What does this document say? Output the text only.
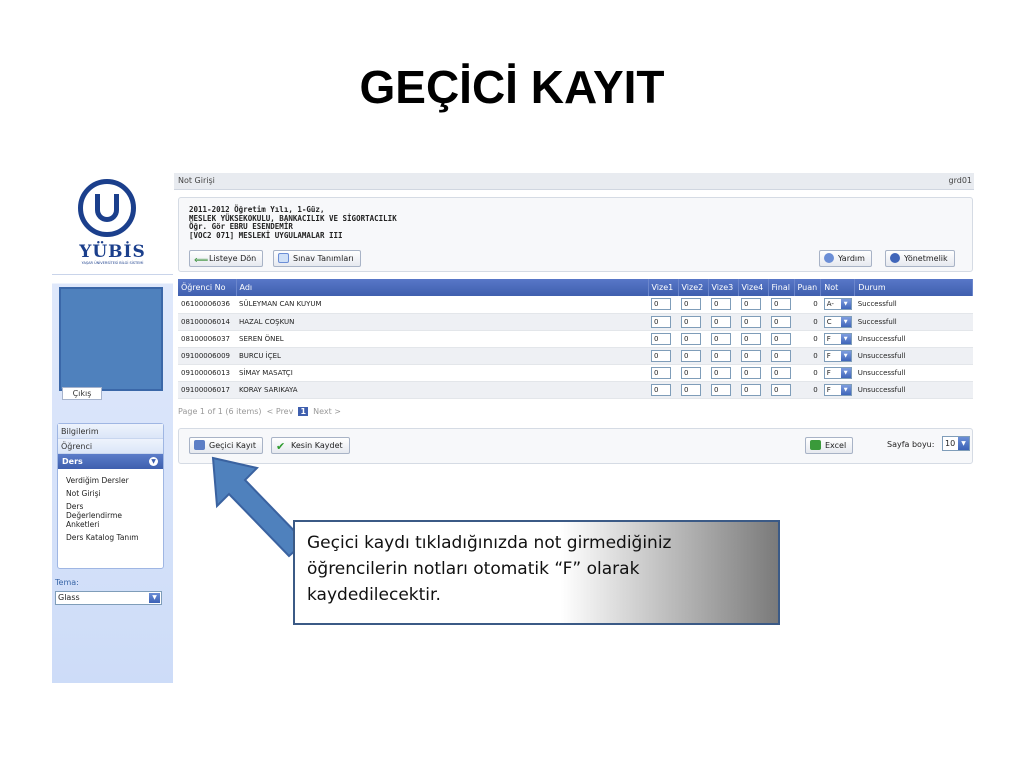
GEÇİCİ KAYIT
YÜBİS
YAŞAR ÜNİVERSİTESİ BİLGİ SİSTEMİ
Çıkış
Bilgilerim
Öğrenci
Ders	▼
Verdiğim Dersler
Not Girişi
Ders Değerlendirme Anketleri
Ders Katalog Tanım
Tema:
Glass	▼
Not Girişi	grd01
2011-2012 Öğretim Yılı, 1-Güz,
MESLEK YÜKSEKOKULU, BANKACILIK VE SİGORTACILIK
Öğr. Gör EBRU ESENDEMİR
[VOC2 071] MESLEKİ UYGULAMALAR III
⟸Listeye Dön	Sınav Tanımları	Yardım	Yönetmelik
Öğrenci No	Adı	Vize1	Vize2	Vize3	Vize4	Final	Puan	Not	Durum
06100006036	SÜLEYMAN CAN KUYUM	0	0	0	0	0	0	A- ▼	Successfull
08100006014	HAZAL COŞKUN	0	0	0	0	0	0	C ▼	Successfull
08100006037	SEREN ÖNEL	0	0	0	0	0	0	F ▼	Unsuccessfull
09100006009	BURCU İÇEL	0	0	0	0	0	0	F ▼	Unsuccessfull
09100006013	SİMAY MASATÇI	0	0	0	0	0	0	F ▼	Unsuccessfull
09100006017	KORAY SARIKAYA	0	0	0	0	0	0	F ▼	Unsuccessfull
Page 1 of 1 (6 items) < Prev 1 Next >
Geçici Kayıt	✔ Kesin Kaydet	Excel	Sayfa boyu:	10	▼
Geçici kaydı tıkladığınızda not girmediğiniz öğrencilerin notları otomatik “F” olarak kaydedilecektir.
